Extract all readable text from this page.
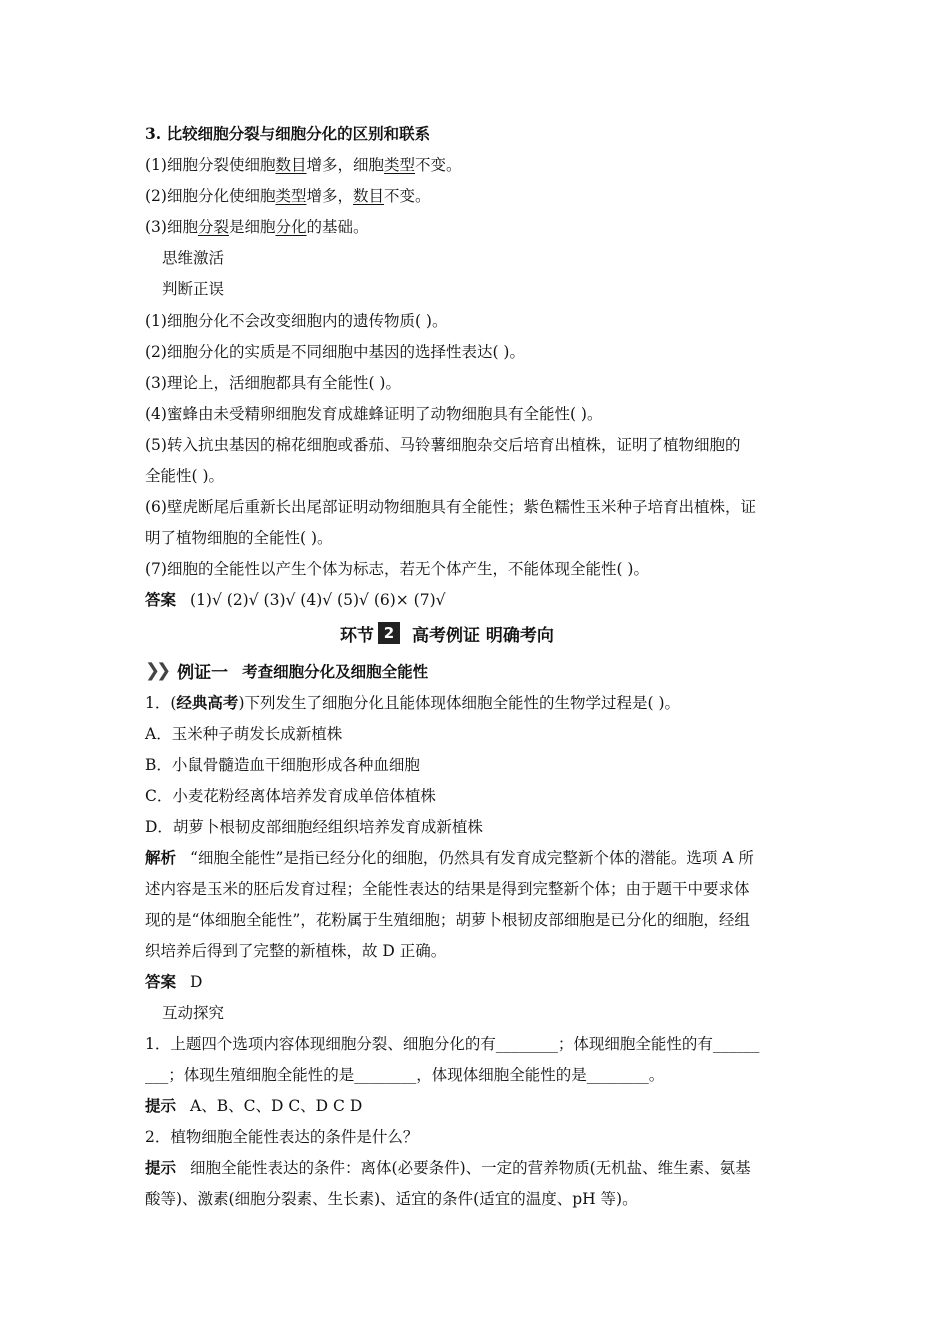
3. 比较细胞分裂与细胞分化的区别和联系
(1)细胞分裂使细胞数目增多，细胞类型不变。
(2)细胞分化使细胞类型增多，数目不变。
(3)细胞分裂是细胞分化的基础。
思维激活
判断正误
(1)细胞分化不会改变细胞内的遗传物质( )。
(2)细胞分化的实质是不同细胞中基因的选择性表达( )。
(3)理论上，活细胞都具有全能性( )。
(4)蜜蜂由未受精卵细胞发育成雄蜂证明了动物细胞具有全能性( )。
(5)转入抗虫基因的棉花细胞或番茄、马铃薯细胞杂交后培育出植株，证明了植物细胞的
全能性( )。
(6)壁虎断尾后重新长出尾部证明动物细胞具有全能性；紫色糯性玉米种子培育出植株，证
明了植物细胞的全能性( )。
(7)细胞的全能性以产生个体为标志，若无个体产生，不能体现全能性( )。
答案 (1)√ (2)√ (3)√ (4)√ (5)√ (6)× (7)√
环节 2	高考例证 明确考向
❯❯ 例证一 考查细胞分化及细胞全能性
1．(经典高考)下列发生了细胞分化且能体现体细胞全能性的生物学过程是( )。
A．玉米种子萌发长成新植株
B．小鼠骨髓造血干细胞形成各种血细胞
C．小麦花粉经离体培养发育成单倍体植株
D．胡萝卜根韧皮部细胞经组织培养发育成新植株
解析 “细胞全能性”是指已经分化的细胞，仍然具有发育成完整新个体的潜能。选项 A 所
述内容是玉米的胚后发育过程；全能性表达的结果是得到完整新个体；由于题干中要求体
现的是“体细胞全能性”，花粉属于生殖细胞；胡萝卜根韧皮部细胞是已分化的细胞，经组
织培养后得到了完整的新植株，故 D 正确。
答案 D
互动探究
1．上题四个选项内容体现细胞分裂、细胞分化的有________；体现细胞全能性的有______
___；体现生殖细胞全能性的是________，体现体细胞全能性的是________。
提示 A、B、C、D C、D C D
2．植物细胞全能性表达的条件是什么？
提示 细胞全能性表达的条件：离体(必要条件)、一定的营养物质(无机盐、维生素、氨基
酸等)、激素(细胞分裂素、生长素)、适宜的条件(适宜的温度、pH 等)。
